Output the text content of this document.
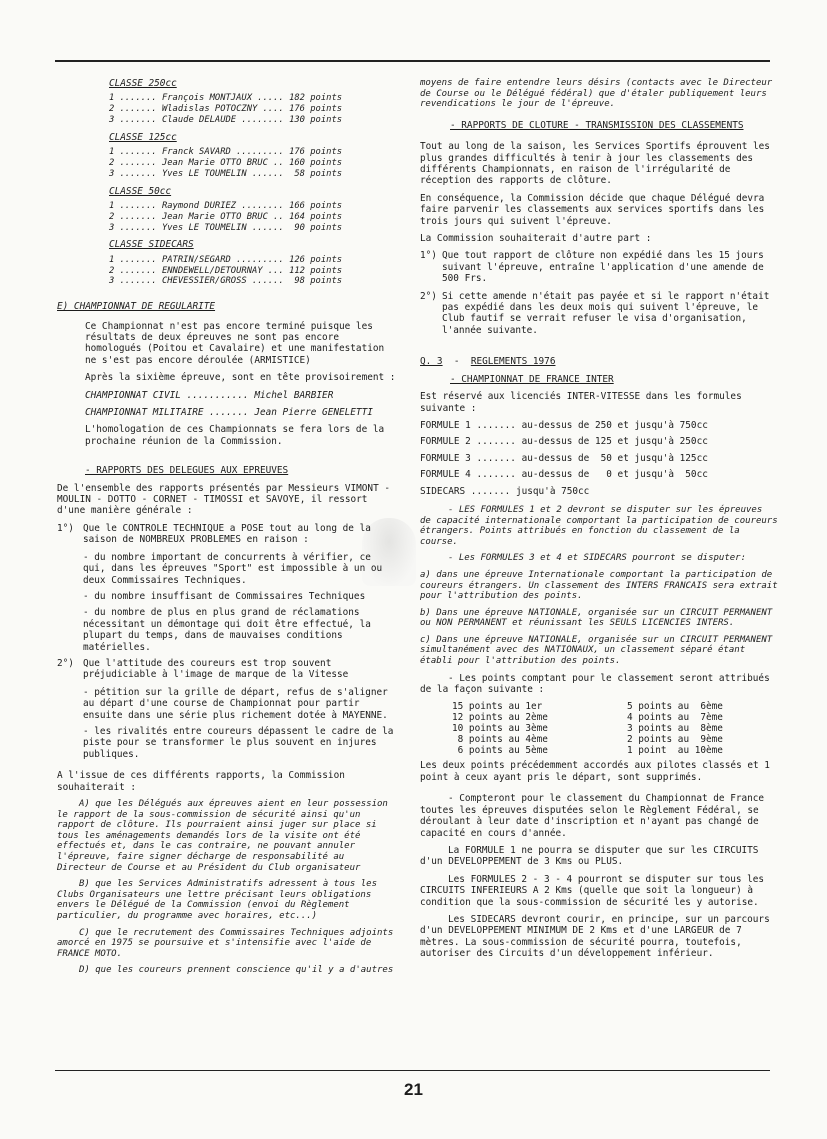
CLASSE 250cc
1 ....... François MONTJAUX ..... 182 points
2 ....... Wladislas POTOCZNY .... 176 points
3 ....... Claude DELAUDE ........ 130 points
CLASSE 125cc
1 ....... Franck SAVARD ......... 176 points
2 ....... Jean Marie OTTO BRUC .. 160 points
3 ....... Yves LE TOUMELIN ......  58 points
CLASSE 50cc
1 ....... Raymond DURIEZ ........ 166 points
2 ....... Jean Marie OTTO BRUC .. 164 points
3 ....... Yves LE TOUMELIN ......  90 points
CLASSE SIDECARS
1 ....... PATRIN/SEGARD ......... 126 points
2 ....... ENNDEWELL/DETOURNAY ... 112 points
3 ....... CHEVESSIER/GROSS ......  98 points
E) CHAMPIONNAT DE REGULARITE

Ce Championnat n'est pas encore terminé puisque les résultats de deux épreuves ne sont pas encore homologués (Poitou et Cavalaire) et une manifestation ne s'est pas encore déroulée (ARMISTICE)

Après la sixième épreuve, sont en tête provisoirement :

CHAMPIONNAT CIVIL ........... Michel BARBIER
CHAMPIONNAT MILITAIRE ....... Jean Pierre GENELETTI

L'homologation de ces Championnats se fera lors de la prochaine réunion de la Commission.

- RAPPORTS DES DELEGUES AUX EPREUVES

De l'ensemble des rapports présentés par Messieurs VIMONT - MOULIN - DOTTO - CORNET - TIMOSSI et SAVOYE, il ressort d'une manière générale :

1°) Que le CONTROLE TECHNIQUE a POSE tout au long de la saison de NOMBREUX PROBLEMES en raison :
- du nombre important de concurrents à vérifier, ce qui, dans les épreuves "Sport" est impossible à un ou deux Commissaires Techniques.
- du nombre insuffisant de Commissaires Techniques
- du nombre de plus en plus grand de réclamations nécessitant un démontage qui doit être effectué, la plupart du temps, dans de mauvaises conditions matérielles.
2°) Que l'attitude des coureurs est trop souvent préjudiciable à l'image de marque de la Vitesse
- pétition sur la grille de départ, refus de s'aligner au départ d'une course de Championnat pour partir ensuite dans une série plus richement dotée à MAYENNE.
- les rivalités entre coureurs dépassent le cadre de la piste pour se transformer le plus souvent en injures publiques.

A l'issue de ces différents rapports, la Commission souhaiterait :

A) que les Délégués aux épreuves aient en leur possession le rapport de la sous-commission de sécurité ainsi qu'un rapport de clôture. Ils pourraient ainsi juger sur place si tous les aménagements demandés lors de la visite ont été effectués et, dans le cas contraire, ne pouvant annuler l'épreuve, faire signer décharge de responsabilité au Directeur de Course et au Président du Club organisateur

B) que les Services Administratifs adressent à tous les Clubs Organisateurs une lettre précisant leurs obligations envers le Délégué de la Commission (envoi du Règlement particulier, du programme avec horaires, etc...)

C) que le recrutement des Commissaires Techniques adjoints amorcé en 1975 se poursuive et s'intensifie avec l'aide de FRANCE MOTO.

D) que les coureurs prennent conscience qu'il y a d'autres

moyens de faire entendre leurs désirs (contacts avec le Directeur de Course ou le Délégué fédéral) que d'étaler publiquement leurs revendications le jour de l'épreuve.

- RAPPORTS DE CLOTURE - TRANSMISSION DES CLASSEMENTS

Tout au long de la saison, les Services Sportifs éprouvent les plus grandes difficultés à tenir à jour les classements des différents Championnats, en raison de l'irrégularité de réception des rapports de clôture.

En conséquence, la Commission décide que chaque Délégué devra faire parvenir les classements aux services sportifs dans les trois jours qui suivent l'épreuve.

La Commission souhaiterait d'autre part :

1°) Que tout rapport de clôture non expédié dans les 15 jours suivant l'épreuve, entraîne l'application d'une amende de 500 Frs.
2°) Si cette amende n'était pas payée et si le rapport n'était pas expédié dans les deux mois qui suivent l'épreuve, le Club fautif se verrait refuser le visa d'organisation, l'année suivante.

Q. 3  -  REGLEMENTS 1976

- CHAMPIONNAT DE FRANCE INTER

Est réservé aux licenciés INTER-VITESSE dans les formules suivante :

FORMULE 1 ....... au-dessus de 250 et jusqu'à 750cc
FORMULE 2 ....... au-dessus de 125 et jusqu'à 250cc
FORMULE 3 ....... au-dessus de  50 et jusqu'à 125cc
FORMULE 4 ....... au-dessus de   0 et jusqu'à  50cc
SIDECARS ....... jusqu'à 750cc

- LES FORMULES 1 et 2 devront se disputer sur les épreuves de capacité internationale comportant la participation de coureurs étrangers. Points attribués en fonction du classement de la course.

- Les FORMULES 3 et 4 et SIDECARS pourront se disputer:

a) dans une épreuve Internationale comportant la participation de coureurs étrangers. Un classement des INTERS FRANCAIS sera extrait pour l'attribution des points.

b) Dans une épreuve NATIONALE, organisée sur un CIRCUIT PERMANENT ou NON PERMANENT et réunissant les SEULS LICENCIES INTERS.

c) Dans une épreuve NATIONALE, organisée sur un CIRCUIT PERMANENT simultanément avec des NATIONAUX, un classement séparé étant établi pour l'attribution des points.

- Les points comptant pour le classement seront attribués de la façon suivante :

15 points au 1er	5 points au  6ème
12 points au 2ème	4 points au  7ème
10 points au 3ème	3 points au  8ème
8 points au 4ème	2 points au  9ème
6 points au 5ème	1 point  au 10ème

Les deux points précédemment accordés aux pilotes classés et 1 point à ceux ayant pris le départ, sont supprimés.

- Compteront pour le classement du Championnat de France toutes les épreuves disputées selon le Règlement Fédéral, se déroulant à leur date d'inscription et n'ayant pas changé de capacité en cours d'année.

La FORMULE 1 ne pourra se disputer que sur les CIRCUITS d'un DEVELOPPEMENT de 3 Kms ou PLUS.

Les FORMULES 2 - 3 - 4 pourront se disputer sur tous les CIRCUITS INFERIEURS A 2 Kms (quelle que soit la longueur) à condition que la sous-commission de sécurité les y autorise.

Les SIDECARS devront courir, en principe, sur un parcours d'un DEVELOPPEMENT MINIMUM DE 2 Kms et d'une LARGEUR de 7 mètres. La sous-commission de sécurité pourra, toutefois, autoriser des Circuits d'un développement inférieur.

21
